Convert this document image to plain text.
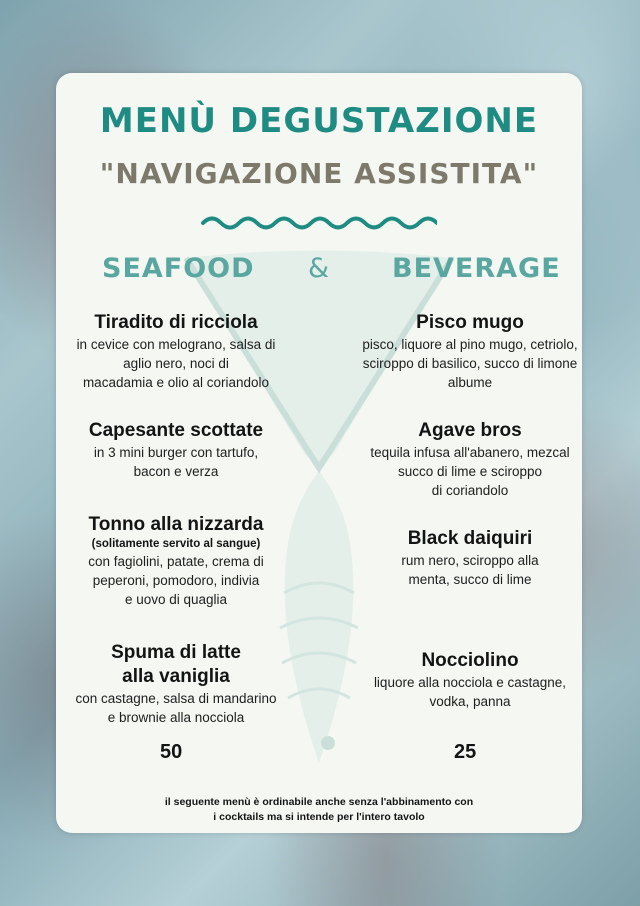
MENÙ DEGUSTAZIONE
"NAVIGAZIONE ASSISTITA"
SEAFOOD & BEVERAGE
Tiradito di ricciola
in cevice con melograno, salsa di
aglio nero, noci di
macadamia e olio al coriandolo
Capesante scottate
in 3 mini burger con tartufo,
bacon e verza
Tonno alla nizzarda
(solitamente servito al sangue)
con fagiolini, patate, crema di
peperoni, pomodoro, indivia
e uovo di quaglia
Spuma di latte
alla vaniglia
con castagne, salsa di mandarino
e brownie alla nocciola
Pisco mugo
pisco, liquore al pino mugo, cetriolo,
sciroppo di basilico, succo di limone
albume
Agave bros
tequila infusa all'abanero, mezcal
succo di lime e sciroppo
di coriandolo
Black daiquiri
rum nero, sciroppo alla
menta, succo di lime
Nocciolino
liquore alla nocciola e castagne,
vodka, panna
50	25
il seguente menù è ordinabile anche senza l'abbinamento con
i cocktails ma si intende per l'intero tavolo
